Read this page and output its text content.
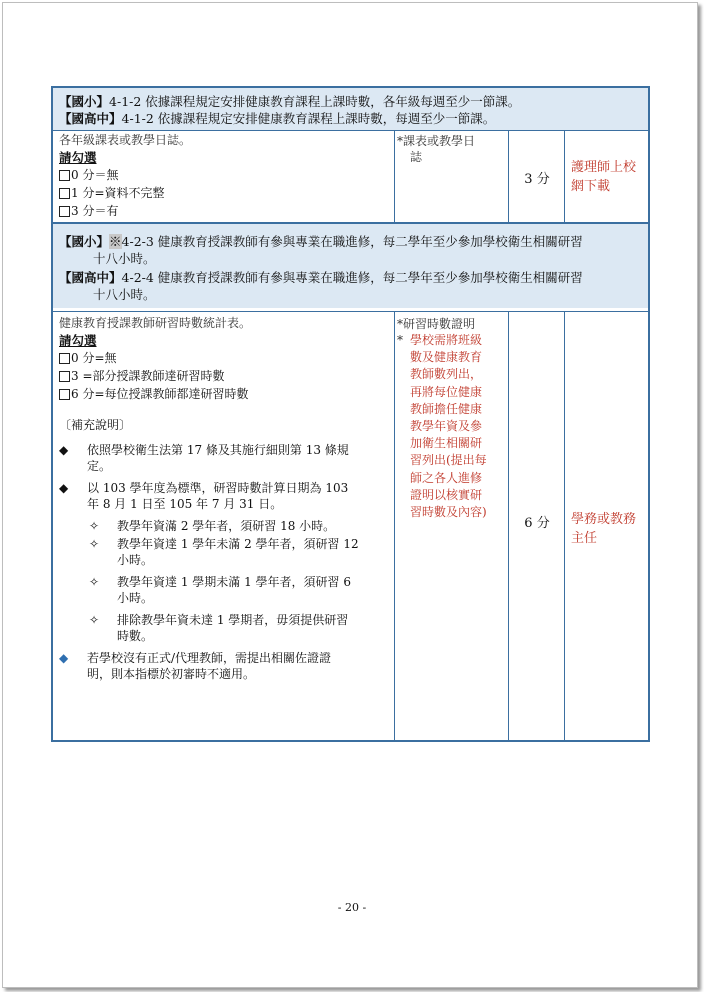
【國小】4-1-2 依據課程規定安排健康教育課程上課時數，各年級每週至少一節課。
【國高中】4-1-2 依據課程規定安排健康教育課程上課時數，每週至少一節課。
各年級課表或教學日誌。
請勾選
0 分＝無
1 分=資料不完整
3 分＝有
*課表或教學日
誌
3 分
護理師上校
網下載
【國小】※4-2-3 健康教育授課教師有參與專業在職進修，每二學年至少參加學校衛生相關研習
十八小時。
【國高中】4-2-4 健康教育授課教師有參與專業在職進修，每二學年至少參加學校衛生相關研習
十八小時。
健康教育授課教師研習時數統計表。
請勾選
0 分=無
3 =部分授課教師達研習時數
6 分=每位授課教師都達研習時數
〔補充說明〕
◆ 依照學校衛生法第 17 條及其施行細則第 13 條規
定。
◆ 以 103 學年度為標準，研習時數計算日期為 103
年 8 月 1 日至 105 年 7 月 31 日。
✧ 教學年資滿 2 學年者，須研習 18 小時。
✧ 教學年資達 1 學年未滿 2 學年者，須研習 12
小時。
✧ 教學年資達 1 學期未滿 1 學年者，須研習 6
小時。
✧ 排除教學年資未達 1 學期者，毋須提供研習
時數。
◆ 若學校沒有正式/代理教師，需提出相關佐證證
明，則本指標於初審時不適用。
*研習時數證明
* 學校需將班級
數及健康教育
教師數列出，
再將每位健康
教師擔任健康
教學年資及參
加衛生相關研
習列出(提出每
師之各人進修
證明以核實研
習時數及內容)
6 分	學務或教務
主任
- 20 -
